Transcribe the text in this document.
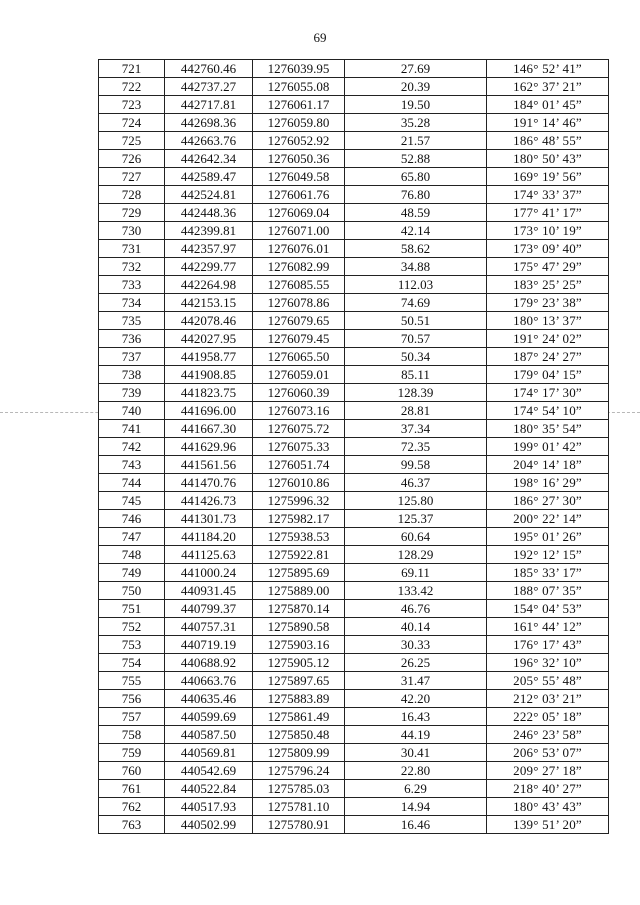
69
721	442760.46	1276039.95	27.69	146° 52’ 41”
722	442737.27	1276055.08	20.39	162° 37’ 21”
723	442717.81	1276061.17	19.50	184° 01’ 45”
724	442698.36	1276059.80	35.28	191° 14’ 46”
725	442663.76	1276052.92	21.57	186° 48’ 55”
726	442642.34	1276050.36	52.88	180° 50’ 43”
727	442589.47	1276049.58	65.80	169° 19’ 56”
728	442524.81	1276061.76	76.80	174° 33’ 37”
729	442448.36	1276069.04	48.59	177° 41’ 17”
730	442399.81	1276071.00	42.14	173° 10’ 19”
731	442357.97	1276076.01	58.62	173° 09’ 40”
732	442299.77	1276082.99	34.88	175° 47’ 29”
733	442264.98	1276085.55	112.03	183° 25’ 25”
734	442153.15	1276078.86	74.69	179° 23’ 38”
735	442078.46	1276079.65	50.51	180° 13’ 37”
736	442027.95	1276079.45	70.57	191° 24’ 02”
737	441958.77	1276065.50	50.34	187° 24’ 27”
738	441908.85	1276059.01	85.11	179° 04’ 15”
739	441823.75	1276060.39	128.39	174° 17’ 30”
740	441696.00	1276073.16	28.81	174° 54’ 10”
741	441667.30	1276075.72	37.34	180° 35’ 54”
742	441629.96	1276075.33	72.35	199° 01’ 42”
743	441561.56	1276051.74	99.58	204° 14’ 18”
744	441470.76	1276010.86	46.37	198° 16’ 29”
745	441426.73	1275996.32	125.80	186° 27’ 30”
746	441301.73	1275982.17	125.37	200° 22’ 14”
747	441184.20	1275938.53	60.64	195° 01’ 26”
748	441125.63	1275922.81	128.29	192° 12’ 15”
749	441000.24	1275895.69	69.11	185° 33’ 17”
750	440931.45	1275889.00	133.42	188° 07’ 35”
751	440799.37	1275870.14	46.76	154° 04’ 53”
752	440757.31	1275890.58	40.14	161° 44’ 12”
753	440719.19	1275903.16	30.33	176° 17’ 43”
754	440688.92	1275905.12	26.25	196° 32’ 10”
755	440663.76	1275897.65	31.47	205° 55’ 48”
756	440635.46	1275883.89	42.20	212° 03’ 21”
757	440599.69	1275861.49	16.43	222° 05’ 18”
758	440587.50	1275850.48	44.19	246° 23’ 58”
759	440569.81	1275809.99	30.41	206° 53’ 07”
760	440542.69	1275796.24	22.80	209° 27’ 18”
761	440522.84	1275785.03	6.29	218° 40’ 27”
762	440517.93	1275781.10	14.94	180° 43’ 43”
763	440502.99	1275780.91	16.46	139° 51’ 20”
